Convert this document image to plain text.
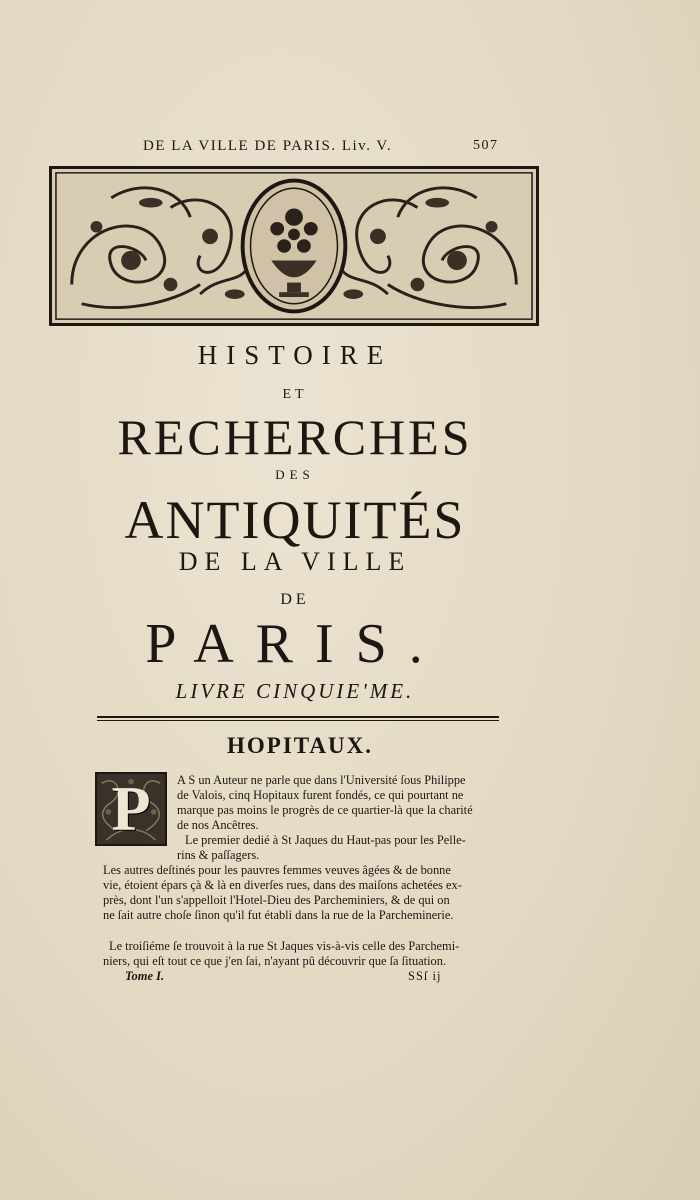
DE LA VILLE DE PARIS. Liv. V.	507
HISTOIRE
ET
RECHERCHES
DES
ANTIQUITÉS
DE LA VILLE
DE
PARIS.
LIVRE CINQUIE'ME.
HOPITAUX.
P	A S un Auteur ne parle que dans l'Université ſous Philippe
de Valois, cinq Hopitaux furent fondés, ce qui pourtant ne
marque pas moins le progrès de ce quartier-là que la charité
de nos Ancêtres.
Le premier dedié à St Jaques du Haut-pas pour les Pelle-
rins & paſſagers.
Les autres deſtinés pour les pauvres femmes veuves âgées & de bonne
vie, étoient épars çà & là en diverſes rues, dans des maiſons achetées ex-
près, dont l'un s'appelloit l'Hotel-Dieu des Parcheminiers, & de qui on
ne ſait autre choſe ſinon qu'il fut établi dans la rue de la Parcheminerie.
Le troiſiéme ſe trouvoit à la rue St Jaques vis-à-vis celle des Parchemi-
niers, qui eſt tout ce que j'en ſai, n'ayant pû découvrir que ſa ſituation.
Tome I.	SSſ ij
